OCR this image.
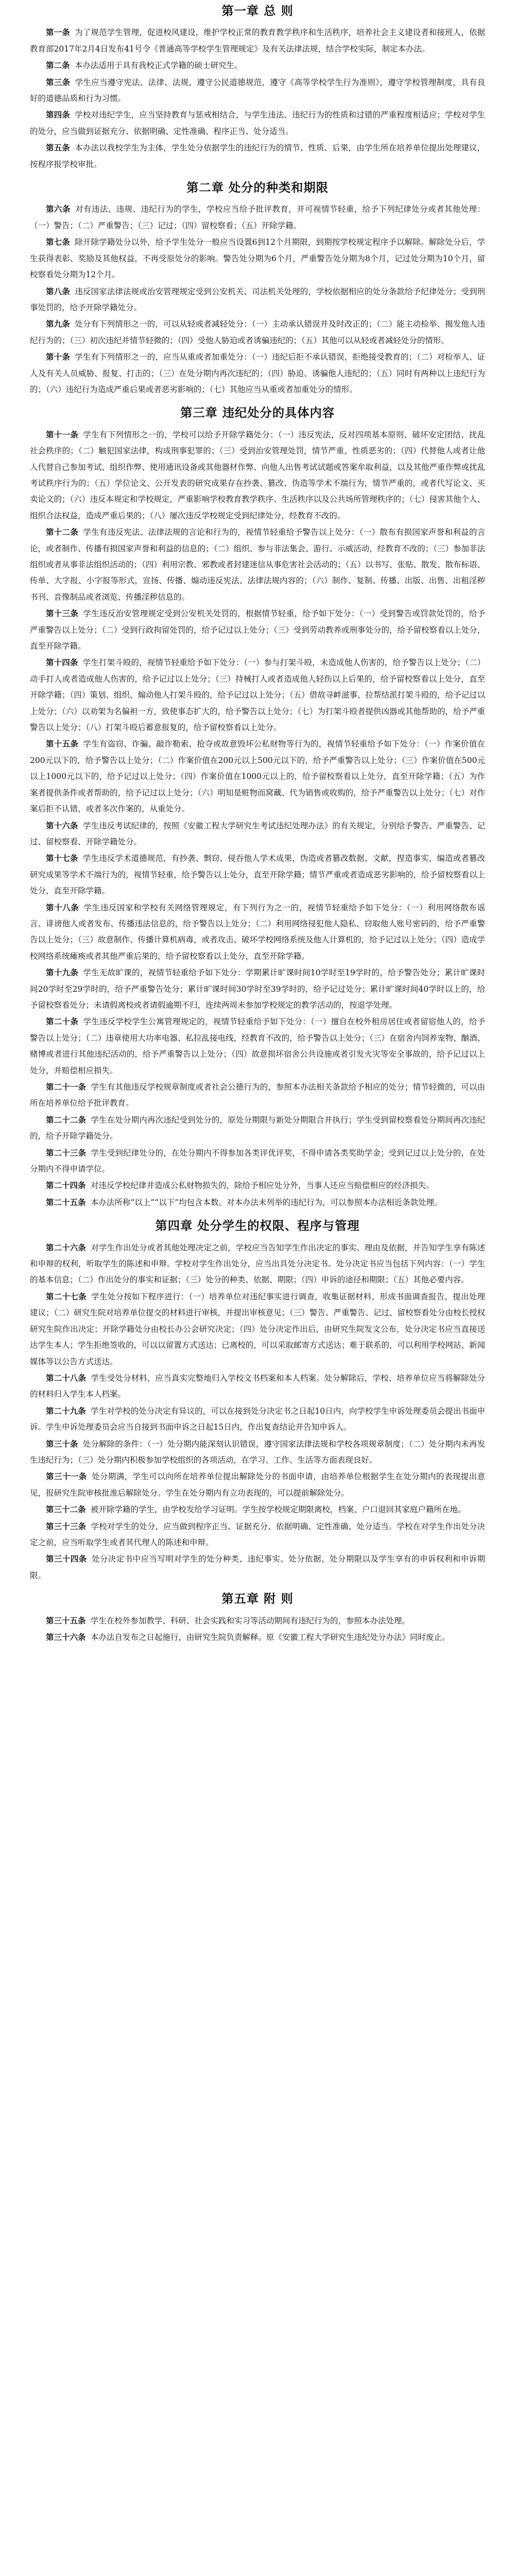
第一章 总 则

第一条 为了规范学生管理，促进校风建设，维护学校正常的教育教学秩序和生活秩序，培养社会主义建设者和接班人，依据教育部2017年2月4日发布41号令《普通高等学校学生管理规定》及有关法律法规，结合学校实际，制定本办法。

第二条 本办法适用于具有我校正式学籍的硕士研究生。

第三条 学生应当遵守宪法、法律、法规，遵守公民道德规范，遵守《高等学校学生行为准则》，遵守学校管理制度，具有良好的道德品质和行为习惯。

第四条 学校对违纪学生，应当坚持教育与惩戒相结合，与学生违法、违纪行为的性质和过错的严重程度相适应；学校对学生的处分，应当做到证据充分、依据明确、定性准确、程序正当、处分适当。

第五条 本办法以我校学生为主体，学生处分依据学生的违纪行为的情节、性质、后果，由学生所在培养单位提出处理建议，按程序报学校审批。

第二章 处分的种类和期限

第六条 对有违法、违规、违纪行为的学生，学校应当给予批评教育，并可视情节轻重，给予下列纪律处分或者其他处理：（一）警告；（二）严重警告；（三）记过；（四）留校察看；（五）开除学籍。

第七条 除开除学籍处分以外，给予学生处分一般应当设置6到12个月期限，到期按学校规定程序予以解除。解除处分后，学生获得表彰、奖励及其他权益，不再受原处分的影响。警告处分期为6个月，严重警告处分期为8个月，记过处分期为10个月，留校察看处分期为12个月。

第八条 违反国家法律法规或治安管理规定受到公安机关、司法机关处理的，学校依据相应的处分条款给予纪律处分；受到刑事处罚的，给予开除学籍处分。

第九条 处分有下列情形之一的，可以从轻或者减轻处分：（一）主动承认错误并及时改正的；（二）能主动检举、揭发他人违纪行为的；（三）初次违纪并情节轻微的；（四）受他人胁迫或者诱骗违纪的；（五）其他可以从轻或者减轻处分的情形。

第十条 学生有下列情形之一的，应当从重或者加重处分：（一）违纪后拒不承认错误，拒绝接受教育的；（二）对检举人、证人及有关人员威胁、报复、打击的；（三）在处分期内再次违纪的；（四）胁迫、诱骗他人违纪的；（五）同时有两种以上违纪行为的；（六）违纪行为造成严重后果或者恶劣影响的；（七）其他应当从重或者加重处分的情形。

第三章 违纪处分的具体内容

第十一条 学生有下列情形之一的，学校可以给予开除学籍处分：（一）违反宪法，反对四项基本原则、破坏安定团结、扰乱社会秩序的；（二）触犯国家法律，构成刑事犯罪的；（三）受到治安管理处罚，情节严重、性质恶劣的；（四）代替他人或者让他人代替自己参加考试、组织作弊、使用通讯设备或其他器材作弊、向他人出售考试试题或答案牟取利益，以及其他严重作弊或扰乱考试秩序行为的；（五）学位论文、公开发表的研究成果存在抄袭、篡改、伪造等学术不端行为，情节严重的，或者代写论文、买卖论文的；（六）违反本规定和学校规定，严重影响学校教育教学秩序、生活秩序以及公共场所管理秩序的；（七）侵害其他个人、组织合法权益，造成严重后果的；（八）屡次违反学校规定受到纪律处分，经教育不改的。

第十二条 学生有违反宪法、法律法规的言论和行为的，视情节轻重给予警告以上处分：（一）散布有损国家声誉和利益的言论，或者制作、传播有损国家声誉和利益的信息的；（二）组织、参与非法集会、游行、示威活动，经教育不改的；（三）参加非法组织或者从事非法组织活动的；（四）利用宗教、邪教或者封建迷信从事危害社会活动的；（五）以书写、张贴、散发、散布标语、传单、大字报、小字报等形式，宣扬、传播、煽动违反宪法、法律法规内容的；（六）制作、复制、传播、出版、出售、出租淫秽书刊、音像制品或者浏览、传播淫秽信息的。

第十三条 学生违反治安管理规定受到公安机关处罚的，根据情节轻重，给予如下处分：（一）受到警告或罚款处罚的，给予严重警告以上处分；（二）受到行政拘留处罚的，给予记过以上处分；（三）受到劳动教养或刑事处分的，给予留校察看以上处分，直至开除学籍。

第十四条 学生打架斗殴的，视情节轻重给予如下处分：（一）参与打架斗殴，未造成他人伤害的，给予警告以上处分；（二）动手打人或者造成他人伤害的，给予记过以上处分；（三）持械打人或者造成他人轻伤以上后果的，给予留校察看以上处分，直至开除学籍；（四）策划、组织、煽动他人打架斗殴的，给予记过以上处分；（五）借故寻衅滋事、拉帮结派打架斗殴的，给予记过以上处分；（六）以劝架为名偏袒一方，致使事态扩大的，给予警告以上处分；（七）为打架斗殴者提供凶器或其他帮助的，给予严重警告以上处分；（八）打架斗殴后蓄意报复的，给予留校察看以上处分。

第十五条 学生有盗窃、诈骗、敲诈勒索、抢夺或故意毁坏公私财物等行为的，视情节轻重给予如下处分：（一）作案价值在200元以下的，给予警告以上处分；（二）作案价值在200元以上500元以下的，给予严重警告以上处分；（三）作案价值在500元以上1000元以下的，给予记过以上处分；（四）作案价值在1000元以上的，给予留校察看以上处分，直至开除学籍；（五）为作案者提供条件或者帮助的，给予记过以上处分；（六）明知是赃物而窝藏、代为销售或收购的，给予严重警告以上处分；（七）对作案后拒不认错，或者多次作案的，从重处分。

第十六条 学生违反考试纪律的，按照《安徽工程大学研究生考试违纪处理办法》的有关规定，分别给予警告、严重警告、记过、留校察看、开除学籍处分。

第十七条 学生违反学术道德规范，有抄袭、剽窃、侵吞他人学术成果，伪造或者篡改数据、文献，捏造事实，编造或者篡改研究成果等学术不端行为的，视情节轻重，给予警告以上处分，直至开除学籍；情节严重或者造成恶劣影响的，给予留校察看以上处分，直至开除学籍。

第十八条 学生违反国家和学校有关网络管理规定，有下列行为之一的，视情节轻重给予如下处分：（一）利用网络散布谣言、诽谤他人或者发布、传播违法信息的，给予警告以上处分；（二）利用网络侵犯他人隐私、窃取他人账号密码的，给予严重警告以上处分；（三）故意制作、传播计算机病毒，或者攻击、破坏学校网络系统及他人计算机的，给予记过以上处分；（四）造成学校网络系统瘫痪或者其他严重后果的，给予留校察看以上处分，直至开除学籍。

第十九条 学生无故旷课的，视情节轻重给予如下处分：学期累计旷课时间10学时至19学时的，给予警告处分；累计旷课时间20学时至29学时的，给予严重警告处分；累计旷课时间30学时至39学时的，给予记过处分；累计旷课时间40学时以上的，给予留校察看处分；未请假离校或者请假逾期不归，连续两周未参加学校规定的教学活动的，按退学处理。

第二十条 学生违反学校学生公寓管理规定的，视情节轻重给予如下处分：（一）擅自在校外租房居住或者留宿他人的，给予警告以上处分；（二）违章使用大功率电器、私拉乱接电线，经教育不改的，给予警告以上处分；（三）在宿舍内饲养宠物、酗酒、赌博或者进行其他违纪活动的，给予严重警告以上处分；（四）故意损坏宿舍公共设施或者引发火灾等安全事故的，给予记过以上处分，并赔偿相应损失。

第二十一条 学生有其他违反学校规章制度或者社会公德行为的，参照本办法相关条款给予相应的处分；情节轻微的，可以由所在培养单位给予批评教育。

第二十二条 学生在处分期内再次违纪受到处分的，原处分期限与新处分期限合并执行；学生受到留校察看处分期间再次违纪的，给予开除学籍处分。

第二十三条 学生受到纪律处分的，在处分期内不得参加各类评优评奖，不得申请各类奖助学金；受到记过以上处分的，在处分期内不得申请学位。

第二十四条 对违反学校纪律并造成公私财物损失的，除给予相应处分外，当事人还应当赔偿相应的经济损失。

第二十五条 本办法所称“以上”“以下”均包含本数。对本办法未列举的违纪行为，可以参照本办法相近条款处理。

第四章 处分学生的权限、程序与管理

第二十六条 对学生作出处分或者其他处理决定之前，学校应当告知学生作出决定的事实、理由及依据，并告知学生享有陈述和申辩的权利，听取学生的陈述和申辩。学校对学生作出处分，应当出具处分决定书。处分决定书应当包括下列内容：（一）学生的基本信息；（二）作出处分的事实和证据；（三）处分的种类、依据、期限；（四）申诉的途径和期限；（五）其他必要内容。

第二十七条 学生处分按如下程序进行：（一）培养单位对违纪事实进行调查，收集证据材料，形成书面调查报告，提出处理建议；（二）研究生院对培养单位提交的材料进行审核，并提出审核意见；（三）警告、严重警告、记过、留校察看处分由校长授权研究生院作出决定；开除学籍处分由校长办公会研究决定；（四）处分决定作出后，由研究生院发文公布，处分决定书应当直接送达学生本人；学生拒绝签收的，可以以留置方式送达；已离校的，可以采取邮寄方式送达；难于联系的，可以利用学校网站、新闻媒体等以公告方式送达。

第二十八条 学生受处分材料，应当真实完整地归入学校文书档案和本人档案。处分解除后，学校、培养单位应当将解除处分的材料归入学生本人档案。

第二十九条 学生对学校的处分决定有异议的，可以在接到处分决定书之日起10日内，向学校学生申诉处理委员会提出书面申诉。学生申诉处理委员会应当自接到书面申诉之日起15日内，作出复查结论并告知申诉人。

第三十条 处分解除的条件：（一）处分期内能深刻认识错误，遵守国家法律法规和学校各项规章制度；（二）处分期内未再发生违纪行为；（三）处分期内积极参加学校组织的各项活动，在学习、工作、生活等方面表现良好。

第三十一条 处分期满，学生可以向所在培养单位提出解除处分的书面申请，由培养单位根据学生在处分期内的表现提出意见，报研究生院审核批准后解除处分。学生在处分期内有立功表现的，可以提前解除处分。

第三十二条 被开除学籍的学生，由学校发给学习证明。学生按学校规定期限离校，档案、户口退回其家庭户籍所在地。

第三十三条 学校对学生的处分，应当做到程序正当、证据充分、依据明确、定性准确、处分适当。学校在对学生作出处分决定之前，应当听取学生或者其代理人的陈述和申辩。

第三十四条 处分决定书中应当写明对学生的处分种类、违纪事实、处分依据、处分期限以及学生享有的申诉权利和申诉期限。

第五章 附 则

第三十五条 学生在校外参加教学、科研、社会实践和实习等活动期间有违纪行为的，参照本办法处理。

第三十六条 本办法自发布之日起施行，由研究生院负责解释。原《安徽工程大学研究生违纪处分办法》同时废止。
